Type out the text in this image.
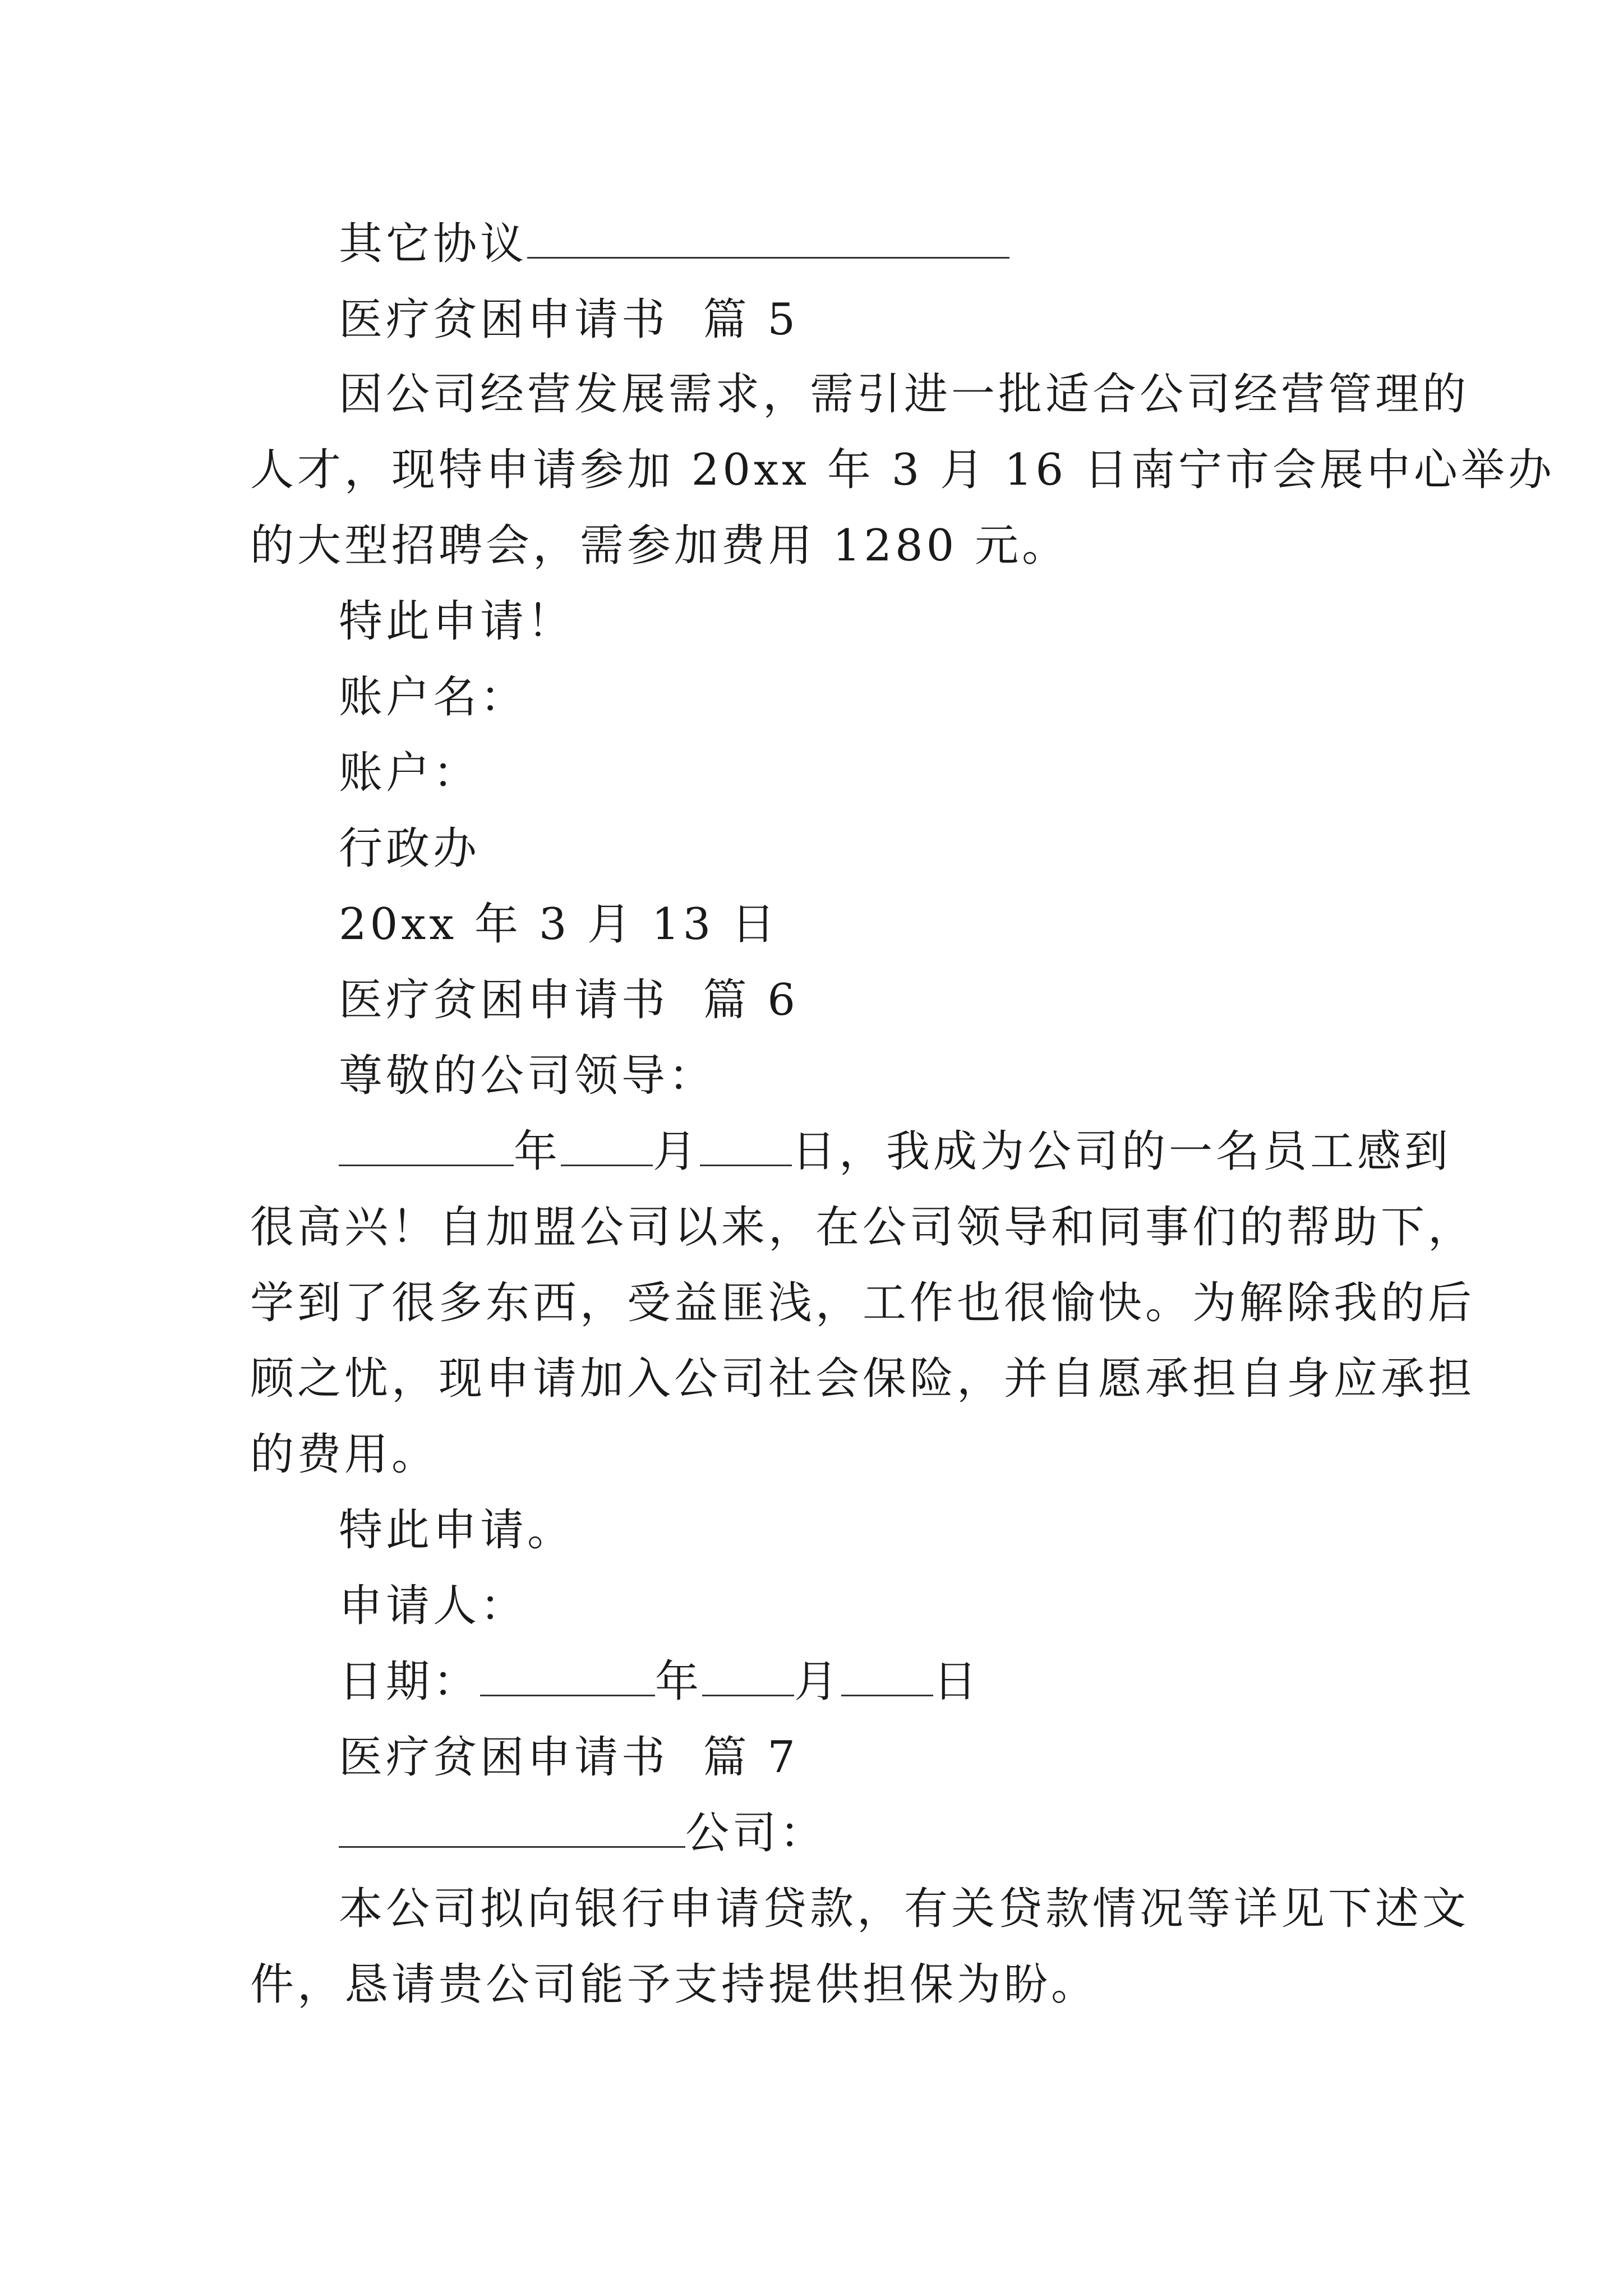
其它协议
医疗贫困申请书  篇 5
因公司经营发展需求，需引进一批适合公司经营管理的
人才，现特申请参加 20xx 年 3 月 16 日南宁市会展中心举办
的大型招聘会，需参加费用 1280 元。
特此申请！
账户名：
账户：
行政办
20xx 年 3 月 13 日
医疗贫困申请书  篇 6
尊敬的公司领导：
年 月 日，我成为公司的一名员工感到
很高兴！自加盟公司以来，在公司领导和同事们的帮助下，
学到了很多东西，受益匪浅，工作也很愉快。为解除我的后
顾之忧，现申请加入公司社会保险，并自愿承担自身应承担
的费用。
特此申请。
申请人：
日期：	年 月 日
医疗贫困申请书  篇 7
公司：
本公司拟向银行申请贷款，有关贷款情况等详见下述文
件，恳请贵公司能予支持提供担保为盼。
